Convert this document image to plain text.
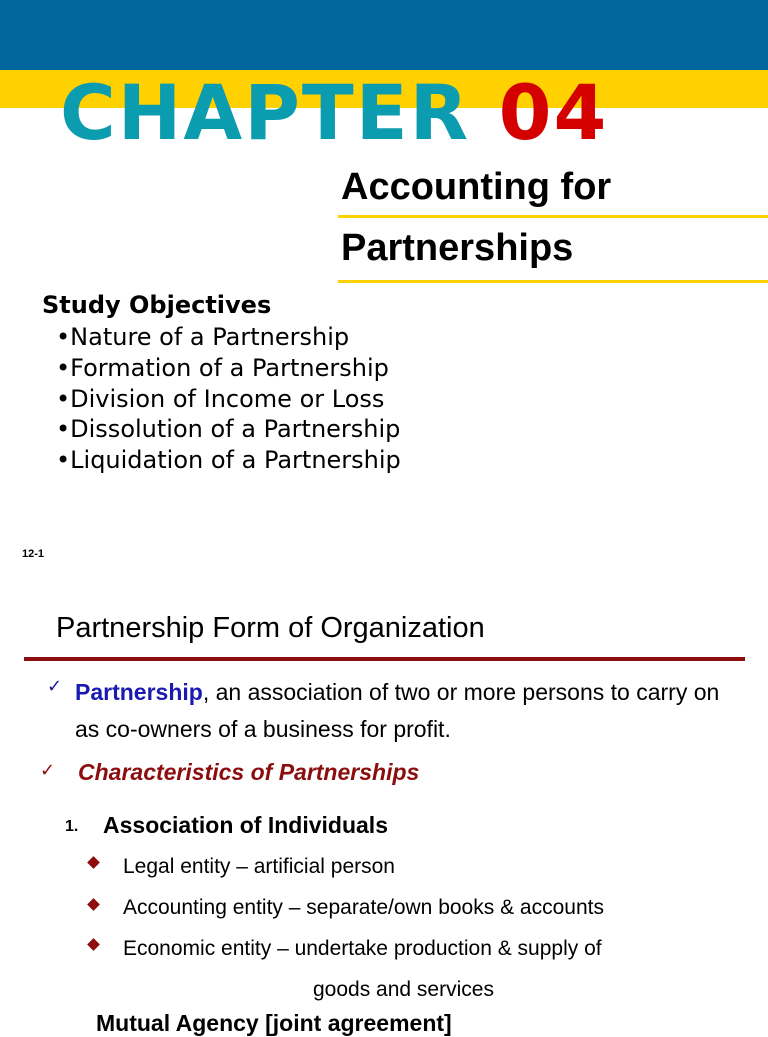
CHAPTER 04
Accounting for
Partnerships
Study Objectives
•Nature of a Partnership
•Formation of a Partnership
•Division of Income or Loss
•Dissolution of a Partnership
•Liquidation of a Partnership
12-1
Partnership Form of Organization
✓ Partnership, an association of two or more persons to carry on as co-owners of a business for profit.
✓ Characteristics of Partnerships
1. Association of Individuals
Legal entity – artificial person
Accounting entity – separate/own books & accounts
Economic entity – undertake production & supply of
goods and services
Mutual Agency [joint agreement]
